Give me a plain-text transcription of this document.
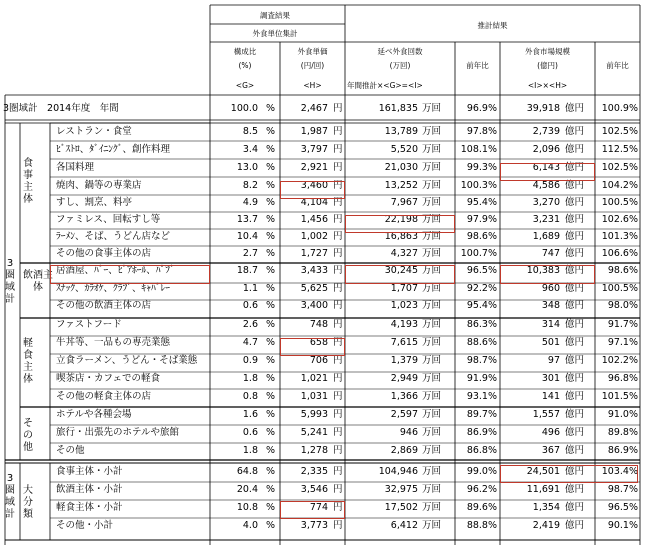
調査結果
外食単位集計
推計結果
構成比
(%)
<G>
外食単価
(円/回)
<H>
延べ外食回数
(万回)
年間推計×<G>=<I>
前年比
外食市場規模
(億円)
<I>×<H>
前年比
3圏域計　2014年度　年間	100.0 %	2,467 円	161,835 万回	96.9%	39,918 億円	100.9%
3圏域計
食事主体
飲酒主体
軽食主体
その他
3圏域計
大分類
レストラン・食堂	8.5 %	1,987 円	13,789 万回	97.8%	2,739 億円	102.5%
ﾋﾞｽﾄﾛ、ﾀﾞｲﾆﾝｸﾞ、創作料理	3.4 %	3,797 円	5,520 万回	108.1%	2,096 億円	112.5%
各国料理	13.0 %	2,921 円	21,030 万回	99.3%	6,143 億円	102.5%
焼肉、鍋等の専業店	8.2 %	3,460 円	13,252 万回	100.3%	4,586 億円	104.2%
すし、割烹、料亭	4.9 %	4,104 円	7,967 万回	95.4%	3,270 億円	100.5%
ファミレス、回転すし等	13.7 %	1,456 円	22,198 万回	97.9%	3,231 億円	102.6%
ﾗｰﾒﾝ、そば、うどん店など	10.4 %	1,002 円	16,863 万回	98.6%	1,689 億円	101.3%
その他の食事主体の店	2.7 %	1,727 円	4,327 万回	100.7%	747 億円	106.6%
居酒屋、ﾊﾞｰ、ﾋﾞｱﾎｰﾙ、ﾊﾟﾌﾞ	18.7 %	3,433 円	30,245 万回	96.5%	10,383 億円	98.6%
ｽﾅｯｸ、ｶﾗｵｹ、ｸﾗﾌﾞ、ｷｬﾊﾞﾚｰ	1.1 %	5,625 円	1,707 万回	92.2%	960 億円	100.5%
その他の飲酒主体の店	0.6 %	3,400 円	1,023 万回	95.4%	348 億円	98.0%
ファストフード	2.6 %	748 円	4,193 万回	86.3%	314 億円	91.7%
牛丼等、一品もの専売業態	4.7 %	658 円	7,615 万回	88.6%	501 億円	97.1%
立食ラーメン、うどん・そば業態	0.9 %	706 円	1,379 万回	98.7%	97 億円	102.2%
喫茶店・カフェでの軽食	1.8 %	1,021 円	2,949 万回	91.9%	301 億円	96.8%
その他の軽食主体の店	0.8 %	1,031 円	1,366 万回	93.1%	141 億円	101.5%
ホテルや各種会場	1.6 %	5,993 円	2,597 万回	89.7%	1,557 億円	91.0%
旅行・出張先のホテルや旅館	0.6 %	5,241 円	946 万回	86.9%	496 億円	89.8%
その他	1.8 %	1,278 円	2,869 万回	86.8%	367 億円	86.9%
食事主体・小計	64.8 %	2,335 円	104,946 万回	99.0%	24,501 億円	103.4%
飲酒主体・小計	20.4 %	3,546 円	32,975 万回	96.2%	11,691 億円	98.7%
軽食主体・小計	10.8 %	774 円	17,502 万回	89.6%	1,354 億円	96.5%
その他・小計	4.0 %	3,773 円	6,412 万回	88.8%	2,419 億円	90.1%
